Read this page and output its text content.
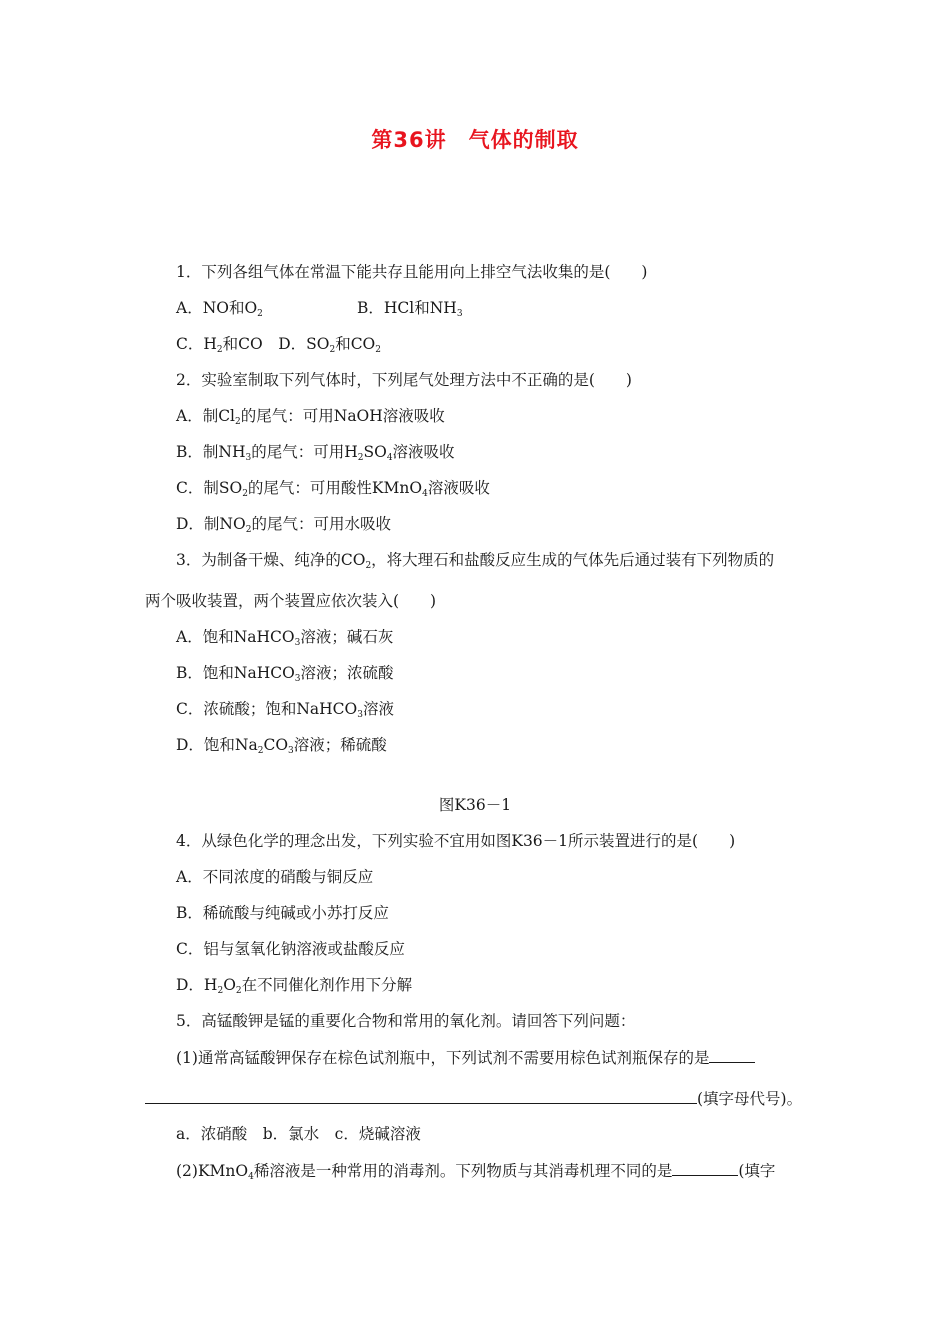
第36讲　气体的制取
1．下列各组气体在常温下能共存且能用向上排空气法收集的是(　　)
A．NO和$O_2$	B．HCl和$NH_3$
C．$H_2$和CO　D．$SO_2$和$CO_2$
2．实验室制取下列气体时，下列尾气处理方法中不正确的是(　　)
A．制$Cl_2$的尾气：可用NaOH溶液吸收
B．制$NH_3$的尾气：可用$H_2SO_4$溶液吸收
C．制$SO_2$的尾气：可用酸性KMnO$_4$溶液吸收
D．制$NO_2$的尾气：可用水吸收
3．为制备干燥、纯净的$CO_2$，将大理石和盐酸反应生成的气体先后通过装有下列物质的
两个吸收装置，两个装置应依次装入(　　)
A．饱和NaHCO$_3$溶液；碱石灰
B．饱和NaHCO$_3$溶液；浓硫酸
C．浓硫酸；饱和NaHCO$_3$溶液
D．饱和$Na_2CO_3$溶液；稀硫酸
图K36－1
4．从绿色化学的理念出发，下列实验不宜用如图K36－1所示装置进行的是(　　)
A．不同浓度的硝酸与铜反应
B．稀硫酸与纯碱或小苏打反应
C．铝与氢氧化钠溶液或盐酸反应
D．$H_2O_2$在不同催化剂作用下分解
5．高锰酸钾是锰的重要化合物和常用的氧化剂。请回答下列问题：
(1)通常高锰酸钾保存在棕色试剂瓶中，下列试剂不需要用棕色试剂瓶保存的是
(填字母代号)。
a．浓硝酸　b．氯水　c．烧碱溶液
(2)KMnO$_4$稀溶液是一种常用的消毒剂。下列物质与其消毒机理不同的是	(填字
